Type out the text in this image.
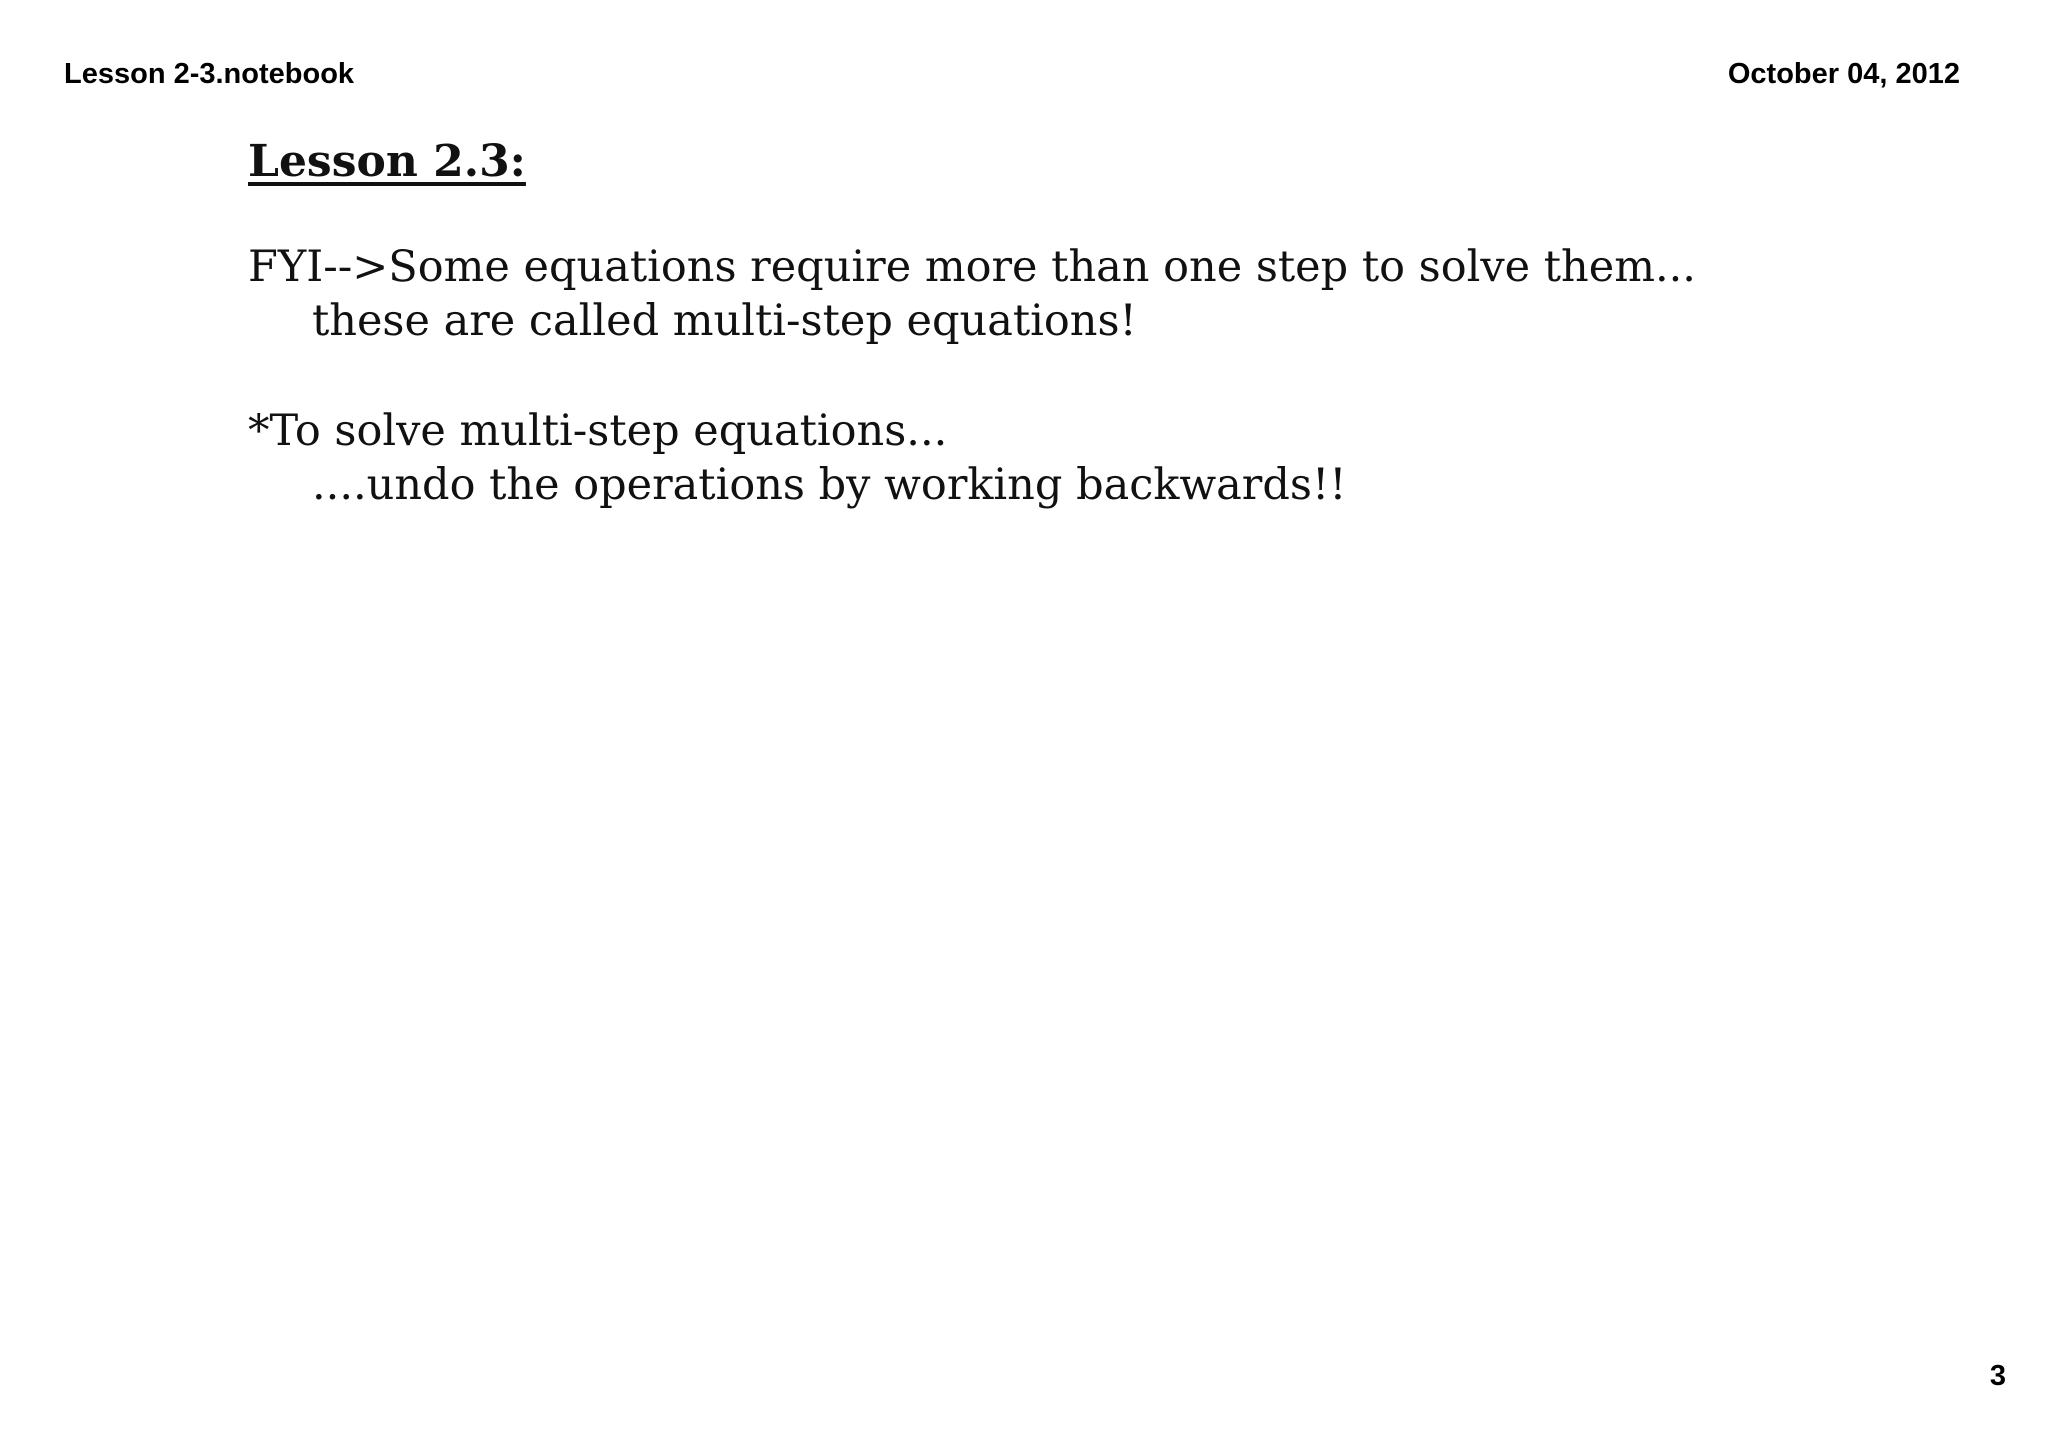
Lesson 2-3.notebook	October 04, 2012
Lesson 2.3:

FYI-->Some equations require more than one step to solve them...

these are called multi-step equations!

*To solve multi-step equations...

....undo the operations by working backwards!!

3
